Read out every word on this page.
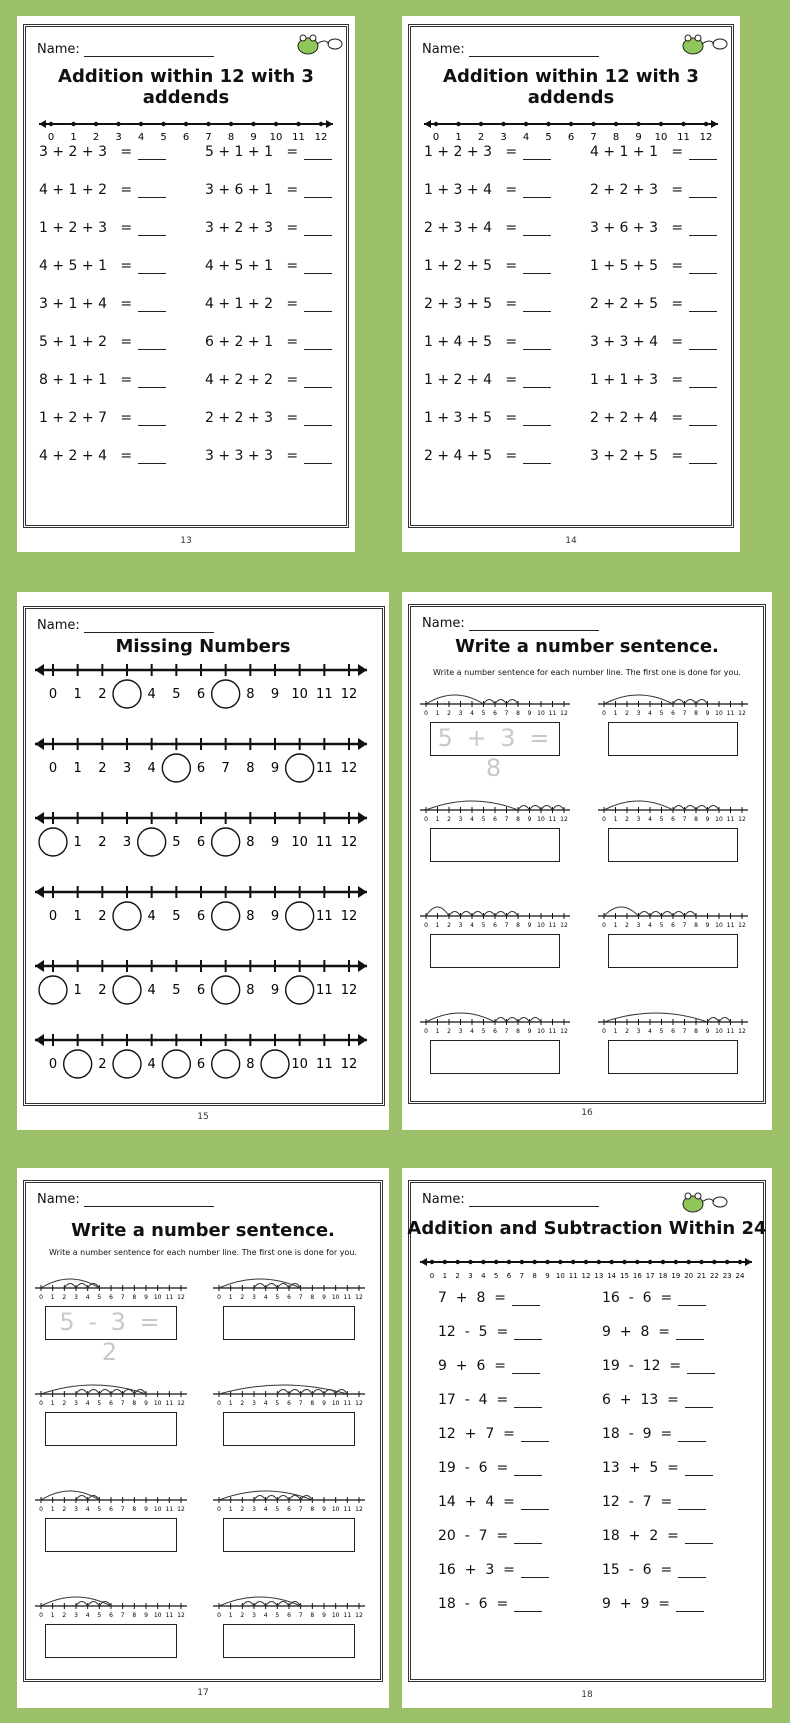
Name:
Addition within 12 with 3 addends
0 1 2 3 4 5 6 7 8 9 10 11 12
3 + 2 + 3   =
4 + 1 + 2   =
1 + 2 + 3   =
4 + 5 + 1   =
3 + 1 + 4   =
5 + 1 + 2   =
8 + 1 + 1   =
1 + 2 + 7   =
4 + 2 + 4   =
5 + 1 + 1   =
3 + 6 + 1   =
3 + 2 + 3   =
4 + 5 + 1   =
4 + 1 + 2   =
6 + 2 + 1   =
4 + 2 + 2   =
2 + 2 + 3   =
3 + 3 + 3   =
13
Name:
Addition within 12 with 3 addends
0 1 2 3 4 5 6 7 8 9 10 11 12
1 + 2 + 3   =
1 + 3 + 4   =
2 + 3 + 4   =
1 + 2 + 5   =
2 + 3 + 5   =
1 + 4 + 5   =
1 + 2 + 4   =
1 + 3 + 5   =
2 + 4 + 5   =
4 + 1 + 1   =
2 + 2 + 3   =
3 + 6 + 3   =
1 + 5 + 5   =
2 + 2 + 5   =
3 + 3 + 4   =
1 + 1 + 3   =
2 + 2 + 4   =
3 + 2 + 5   =
14
Name:
Missing Numbers
0 1 2	4 5 6	8 9 10 11 12
0 1 2 3 4	6 7 8 9	11 12
1 2 3	5 6	8 9 10 11 12
0 1 2	4 5 6	8 9	11 12
1 2	4 5 6	8 9	11 12
0	2	4	6	8	10 11 12
15
Name:
Write a number sentence.
Write a number sentence for each number line. The first one is done for you.
0 1 2 3 4 5 6 7 8 9 10 11 12
5 + 3 = 8
0 1 2 3 4 5 6 7 8 9 10 11 12
0 1 2 3 4 5 6 7 8 9 10 11 12	0 1 2 3 4 5 6 7 8 9 10 11 12
0 1 2 3 4 5 6 7 8 9 10 11 12	0 1 2 3 4 5 6 7 8 9 10 11 12
0 1 2 3 4 5 6 7 8 9 10 11 12	0 1 2 3 4 5 6 7 8 9 10 11 12
16
Name:
Write a number sentence.
Write a number sentence for each number line. The first one is done for you.
0 1 2 3 4 5 6 7 8 9 10 11 12
5 - 3 = 2
0 1 2 3 4 5 6 7 8 9 10 11 12
0 1 2 3 4 5 6 7 8 9 10 11 12	0 1 2 3 4 5 6 7 8 9 10 11 12
0 1 2 3 4 5 6 7 8 9 10 11 12	0 1 2 3 4 5 6 7 8 9 10 11 12
0 1 2 3 4 5 6 7 8 9 10 11 12	0 1 2 3 4 5 6 7 8 9 10 11 12
17
Name:
Addition and Subtraction Within 24
0 1 2 3 4 5 6 7 8 9 10 11 12 13 14 15 16 17 18 19 20 21 22 23 24
7  +  8  =
12  -  5  =
9  +  6  =
17  -  4  =
12  +  7  =
19  -  6  =
14  +  4  =
20  -  7  =
16  +  3  =
18  -  6  =
16  -  6  =
9  +  8  =
19  -  12  =
6  +  13  =
18  -  9  =
13  +  5  =
12  -  7  =
18  +  2  =
15  -  6  =
9  +  9  =
18
